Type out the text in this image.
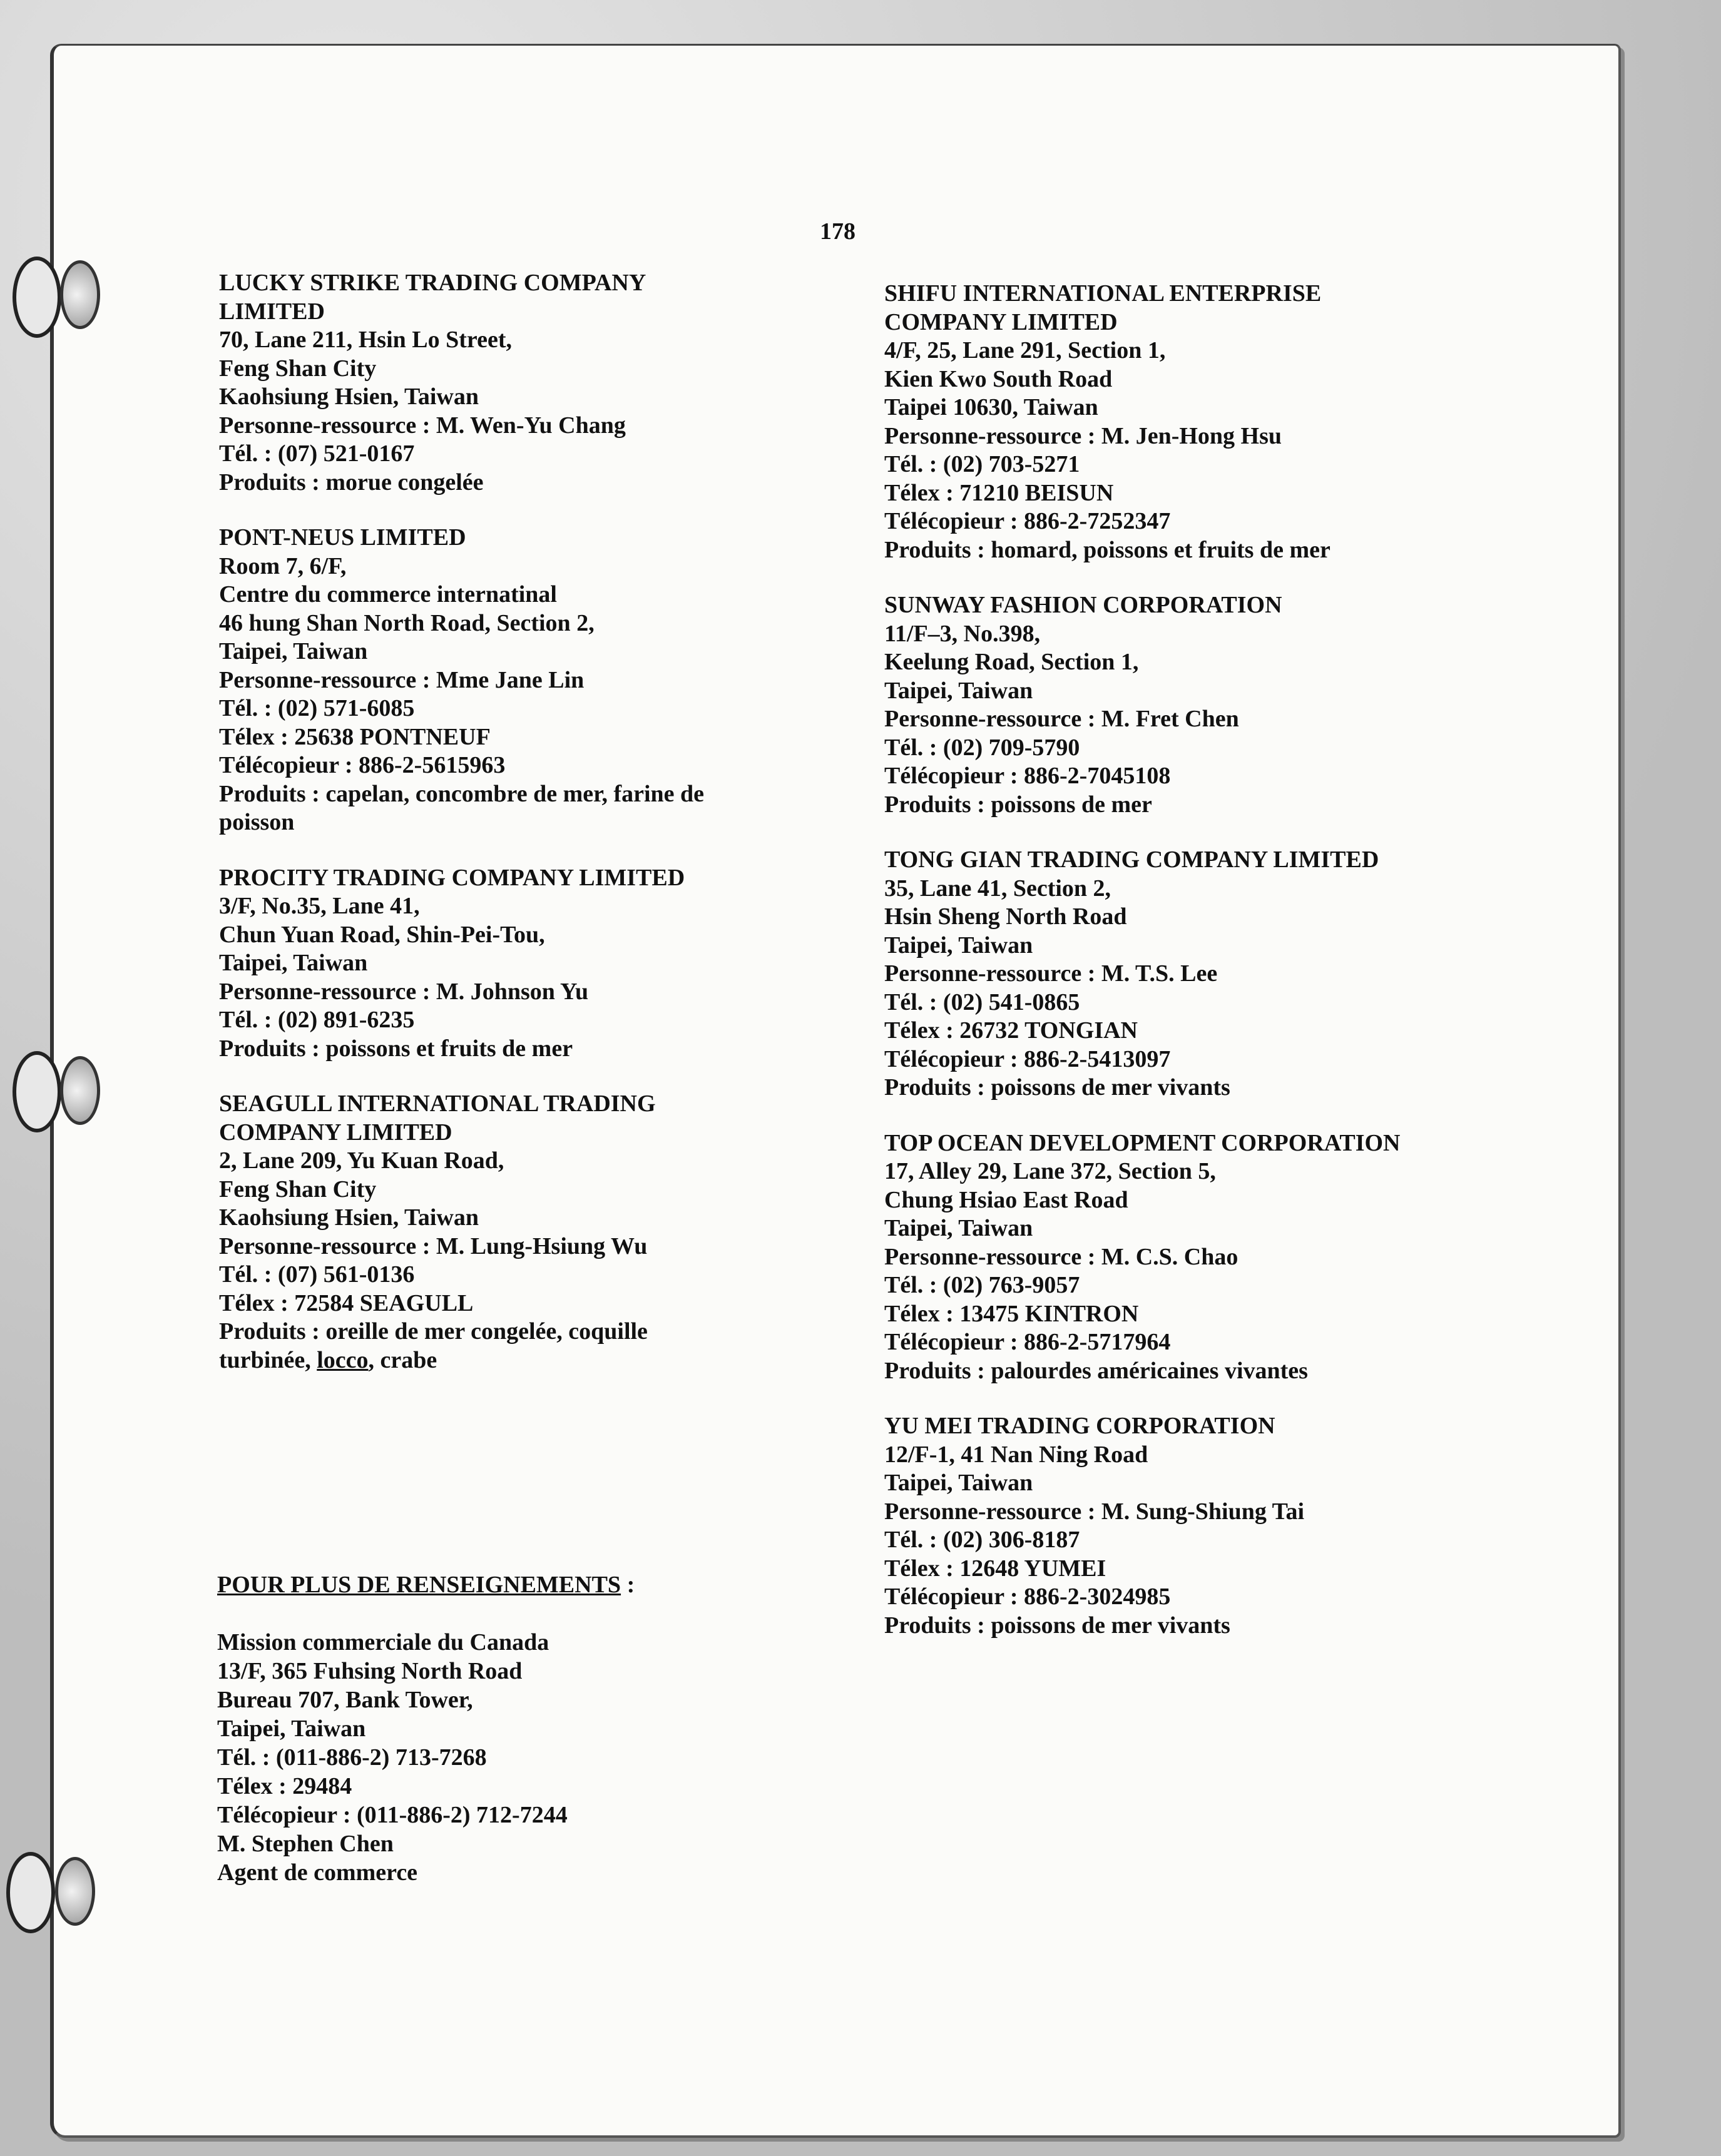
178
LUCKY STRIKE TRADING COMPANY
LIMITED
70, Lane 211, Hsin Lo Street,
Feng Shan City
Kaohsiung Hsien, Taiwan
Personne-ressource : M. Wen-Yu Chang
Tél. : (07) 521-0167
Produits : morue congelée
PONT-NEUS LIMITED
Room 7, 6/F,
Centre du commerce internatinal
46 hung Shan North Road, Section 2,
Taipei, Taiwan
Personne-ressource : Mme Jane Lin
Tél. : (02) 571-6085
Télex : 25638 PONTNEUF
Télécopieur : 886-2-5615963
Produits : capelan, concombre de mer, farine de
poisson
PROCITY TRADING COMPANY LIMITED
3/F, No.35, Lane 41,
Chun Yuan Road, Shin-Pei-Tou,
Taipei, Taiwan
Personne-ressource : M. Johnson Yu
Tél. : (02) 891-6235
Produits : poissons et fruits de mer
SEAGULL INTERNATIONAL TRADING
COMPANY LIMITED
2, Lane 209, Yu Kuan Road,
Feng Shan City
Kaohsiung Hsien, Taiwan
Personne-ressource : M. Lung-Hsiung Wu
Tél. : (07) 561-0136
Télex : 72584 SEAGULL
Produits : oreille de mer congelée, coquille
turbinée, locco, crabe
SHIFU INTERNATIONAL ENTERPRISE
COMPANY LIMITED
4/F, 25, Lane 291, Section 1,
Kien Kwo South Road
Taipei 10630, Taiwan
Personne-ressource : M. Jen-Hong Hsu
Tél. : (02) 703-5271
Télex : 71210 BEISUN
Télécopieur : 886-2-7252347
Produits : homard, poissons et fruits de mer
SUNWAY FASHION CORPORATION
11/F–3, No.398,
Keelung Road, Section 1,
Taipei, Taiwan
Personne-ressource : M. Fret Chen
Tél. : (02) 709-5790
Télécopieur : 886-2-7045108
Produits : poissons de mer
TONG GIAN TRADING COMPANY LIMITED
35, Lane 41, Section 2,
Hsin Sheng North Road
Taipei, Taiwan
Personne-ressource : M. T.S. Lee
Tél. : (02) 541-0865
Télex : 26732 TONGIAN
Télécopieur : 886-2-5413097
Produits : poissons de mer vivants
TOP OCEAN DEVELOPMENT CORPORATION
17, Alley 29, Lane 372, Section 5,
Chung Hsiao East Road
Taipei, Taiwan
Personne-ressource : M. C.S. Chao
Tél. : (02) 763-9057
Télex : 13475 KINTRON
Télécopieur : 886-2-5717964
Produits : palourdes américaines vivantes
YU MEI TRADING CORPORATION
12/F-1, 41 Nan Ning Road
Taipei, Taiwan
Personne-ressource : M. Sung-Shiung Tai
Tél. : (02) 306-8187
Télex : 12648 YUMEI
Télécopieur : 886-2-3024985
Produits : poissons de mer vivants
POUR PLUS DE RENSEIGNEMENTS :
Mission commerciale du Canada
13/F, 365 Fuhsing North Road
Bureau 707, Bank Tower,
Taipei, Taiwan
Tél. : (011-886-2) 713-7268
Télex : 29484
Télécopieur : (011-886-2) 712-7244
M. Stephen Chen
Agent de commerce
